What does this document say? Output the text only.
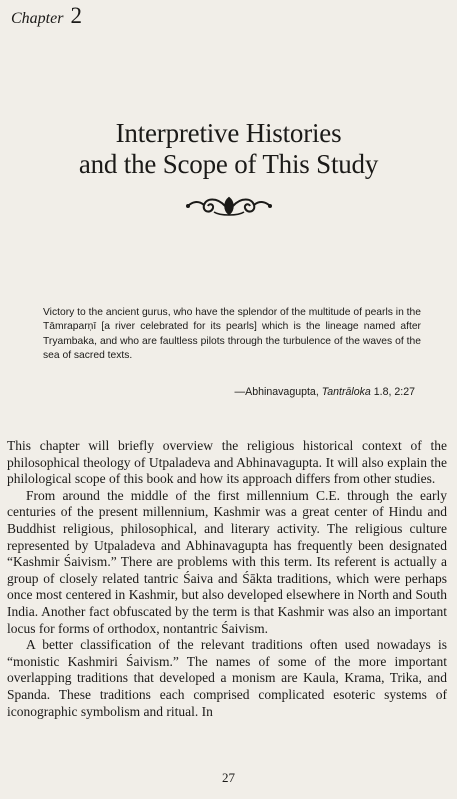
Chapter 2
Interpretive Histories
and the Scope of This Study
Victory to the ancient gurus, who have the splendor of the multitude of pearls in the Tāmraparṇī [a river celebrated for its pearls] which is the lineage named after Tryambaka, and who are faultless pilots through the turbulence of the waves of the sea of sacred texts.
—Abhinavagupta, Tantrāloka 1.8, 2:27

This chapter will briefly overview the religious historical context of the philosophical theology of Utpaladeva and Abhinavagupta. It will also explain the philological scope of this book and how its approach differs from other studies.

From around the middle of the first millennium C.E. through the early centuries of the present millennium, Kashmir was a great center of Hindu and Buddhist religious, philosophical, and literary activity. The religious culture represented by Utpaladeva and Abhinavagupta has frequently been designated “Kashmir Śaivism.” There are problems with this term. Its referent is actually a group of closely related tantric Śaiva and Śākta traditions, which were perhaps once most centered in Kashmir, but also developed elsewhere in North and South India. Another fact obfuscated by the term is that Kashmir was also an important locus for forms of orthodox, nontantric Śaivism.

A better classification of the relevant traditions often used nowadays is “monistic Kashmiri Śaivism.” The names of some of the more important overlapping traditions that developed a monism are Kaula, Krama, Trika, and Spanda. These traditions each comprised complicated esoteric systems of iconographic symbolism and ritual. In

27
